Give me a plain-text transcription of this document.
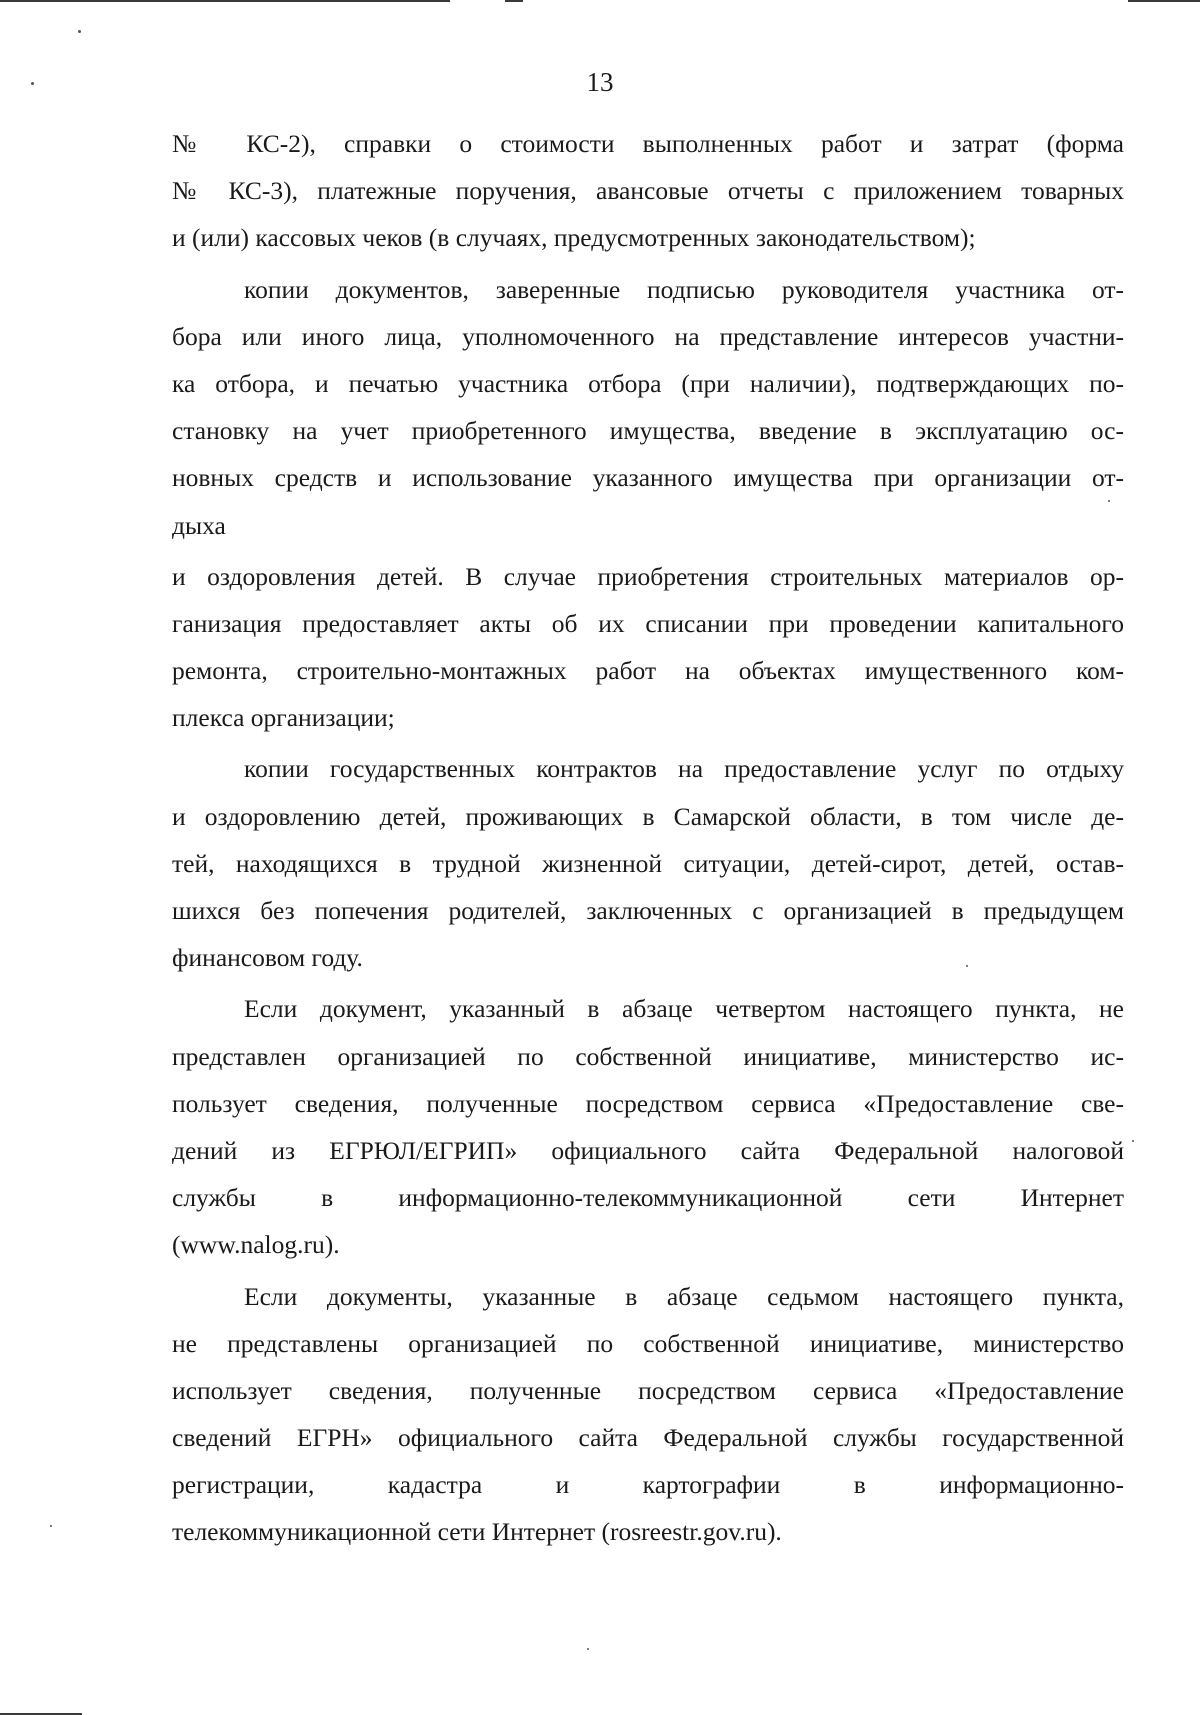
13
№ КС-2), справки о стоимости выполненных работ и затрат (форма
№ КС-3), платежные поручения, авансовые отчеты с приложением товарных
и (или) кассовых чеков (в случаях, предусмотренных законодательством);
копии документов, заверенные подписью руководителя участника от-
бора или иного лица, уполномоченного на представление интересов участни-
ка отбора, и печатью участника отбора (при наличии), подтверждающих по-
становку на учет приобретенного имущества, введение в эксплуатацию ос-
новных средств и использование указанного имущества при организации от-
дыха
и оздоровления детей. В случае приобретения строительных материалов ор-
ганизация предоставляет акты об их списании при проведении капитального
ремонта, строительно-монтажных работ на объектах имущественного ком-
плекса организации;
копии государственных контрактов на предоставление услуг по отдыху
и оздоровлению детей, проживающих в Самарской области, в том числе де-
тей, находящихся в трудной жизненной ситуации, детей-сирот, детей, остав-
шихся без попечения родителей, заключенных с организацией в предыдущем
финансовом году.
Если документ, указанный в абзаце четвертом настоящего пункта, не
представлен организацией по собственной инициативе, министерство ис-
пользует сведения, полученные посредством сервиса «Предоставление све-
дений из ЕГРЮЛ/ЕГРИП» официального сайта Федеральной налоговой
службы в информационно-телекоммуникационной сети Интернет
(www.nalog.ru).
Если документы, указанные в абзаце седьмом настоящего пункта,
не представлены организацией по собственной инициативе, министерство
использует сведения, полученные посредством сервиса «Предоставление
сведений ЕГРН» официального сайта Федеральной службы государственной
регистрации, кадастра и картографии в информационно-
телекоммуникационной сети Интернет (rosreestr.gov.ru).
